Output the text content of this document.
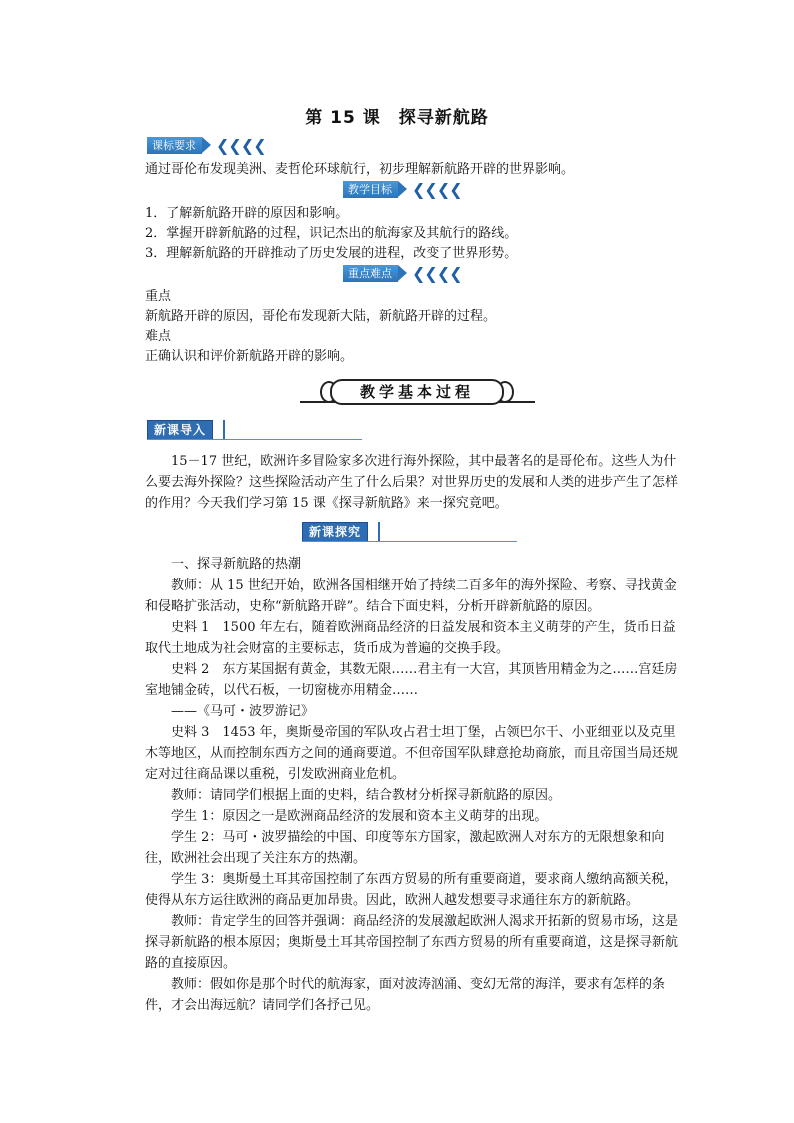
第 15 课　探寻新航路
课标要求	❮❮❮❮

通过哥伦布发现美洲、麦哲伦环球航行，初步理解新航路开辟的世界影响。

教学目标	❮❮❮❮

1．了解新航路开辟的原因和影响。

2．掌握开辟新航路的过程，识记杰出的航海家及其航行的路线。

3．理解新航路的开辟推动了历史发展的进程，改变了世界形势。

重点难点	❮❮❮❮

重点

新航路开辟的原因，哥伦布发现新大陆，新航路开辟的过程。

难点

正确认识和评价新航路开辟的影响。

教学基本过程
新课导入

15－17 世纪，欧洲许多冒险家多次进行海外探险，其中最著名的是哥伦布。这些人为什么要去海外探险？这些探险活动产生了什么后果？对世界历史的发展和人类的进步产生了怎样的作用？今天我们学习第 15 课《探寻新航路》来一探究竟吧。

新课探究

一、探寻新航路的热潮

教师：从 15 世纪开始，欧洲各国相继开始了持续二百多年的海外探险、考察、寻找黄金和侵略扩张活动，史称“新航路开辟”。结合下面史料，分析开辟新航路的原因。

史料 1　1500 年左右，随着欧洲商品经济的日益发展和资本主义萌芽的产生，货币日益取代土地成为社会财富的主要标志，货币成为普遍的交换手段。

史料 2　东方某国据有黄金，其数无限……君主有一大宫，其顶皆用精金为之……宫廷房室地铺金砖，以代石板，一切窗栊亦用精金……

——《马可・波罗游记》

史料 3　1453 年，奥斯曼帝国的军队攻占君士坦丁堡，占领巴尔干、小亚细亚以及克里木等地区，从而控制东西方之间的通商要道。不但帝国军队肆意抢劫商旅，而且帝国当局还规定对过往商品课以重税，引发欧洲商业危机。

教师：请同学们根据上面的史料，结合教材分析探寻新航路的原因。

学生 1：原因之一是欧洲商品经济的发展和资本主义萌芽的出现。

学生 2：马可・波罗描绘的中国、印度等东方国家，激起欧洲人对东方的无限想象和向往，欧洲社会出现了关注东方的热潮。

学生 3：奥斯曼土耳其帝国控制了东西方贸易的所有重要商道，要求商人缴纳高额关税，使得从东方运往欧洲的商品更加昂贵。因此，欧洲人越发想要寻求通往东方的新航路。

教师：肯定学生的回答并强调：商品经济的发展激起欧洲人渴求开拓新的贸易市场，这是探寻新航路的根本原因；奥斯曼土耳其帝国控制了东西方贸易的所有重要商道，这是探寻新航路的直接原因。

教师：假如你是那个时代的航海家，面对波涛汹涌、变幻无常的海洋，要求有怎样的条件，才会出海远航？请同学们各抒己见。
